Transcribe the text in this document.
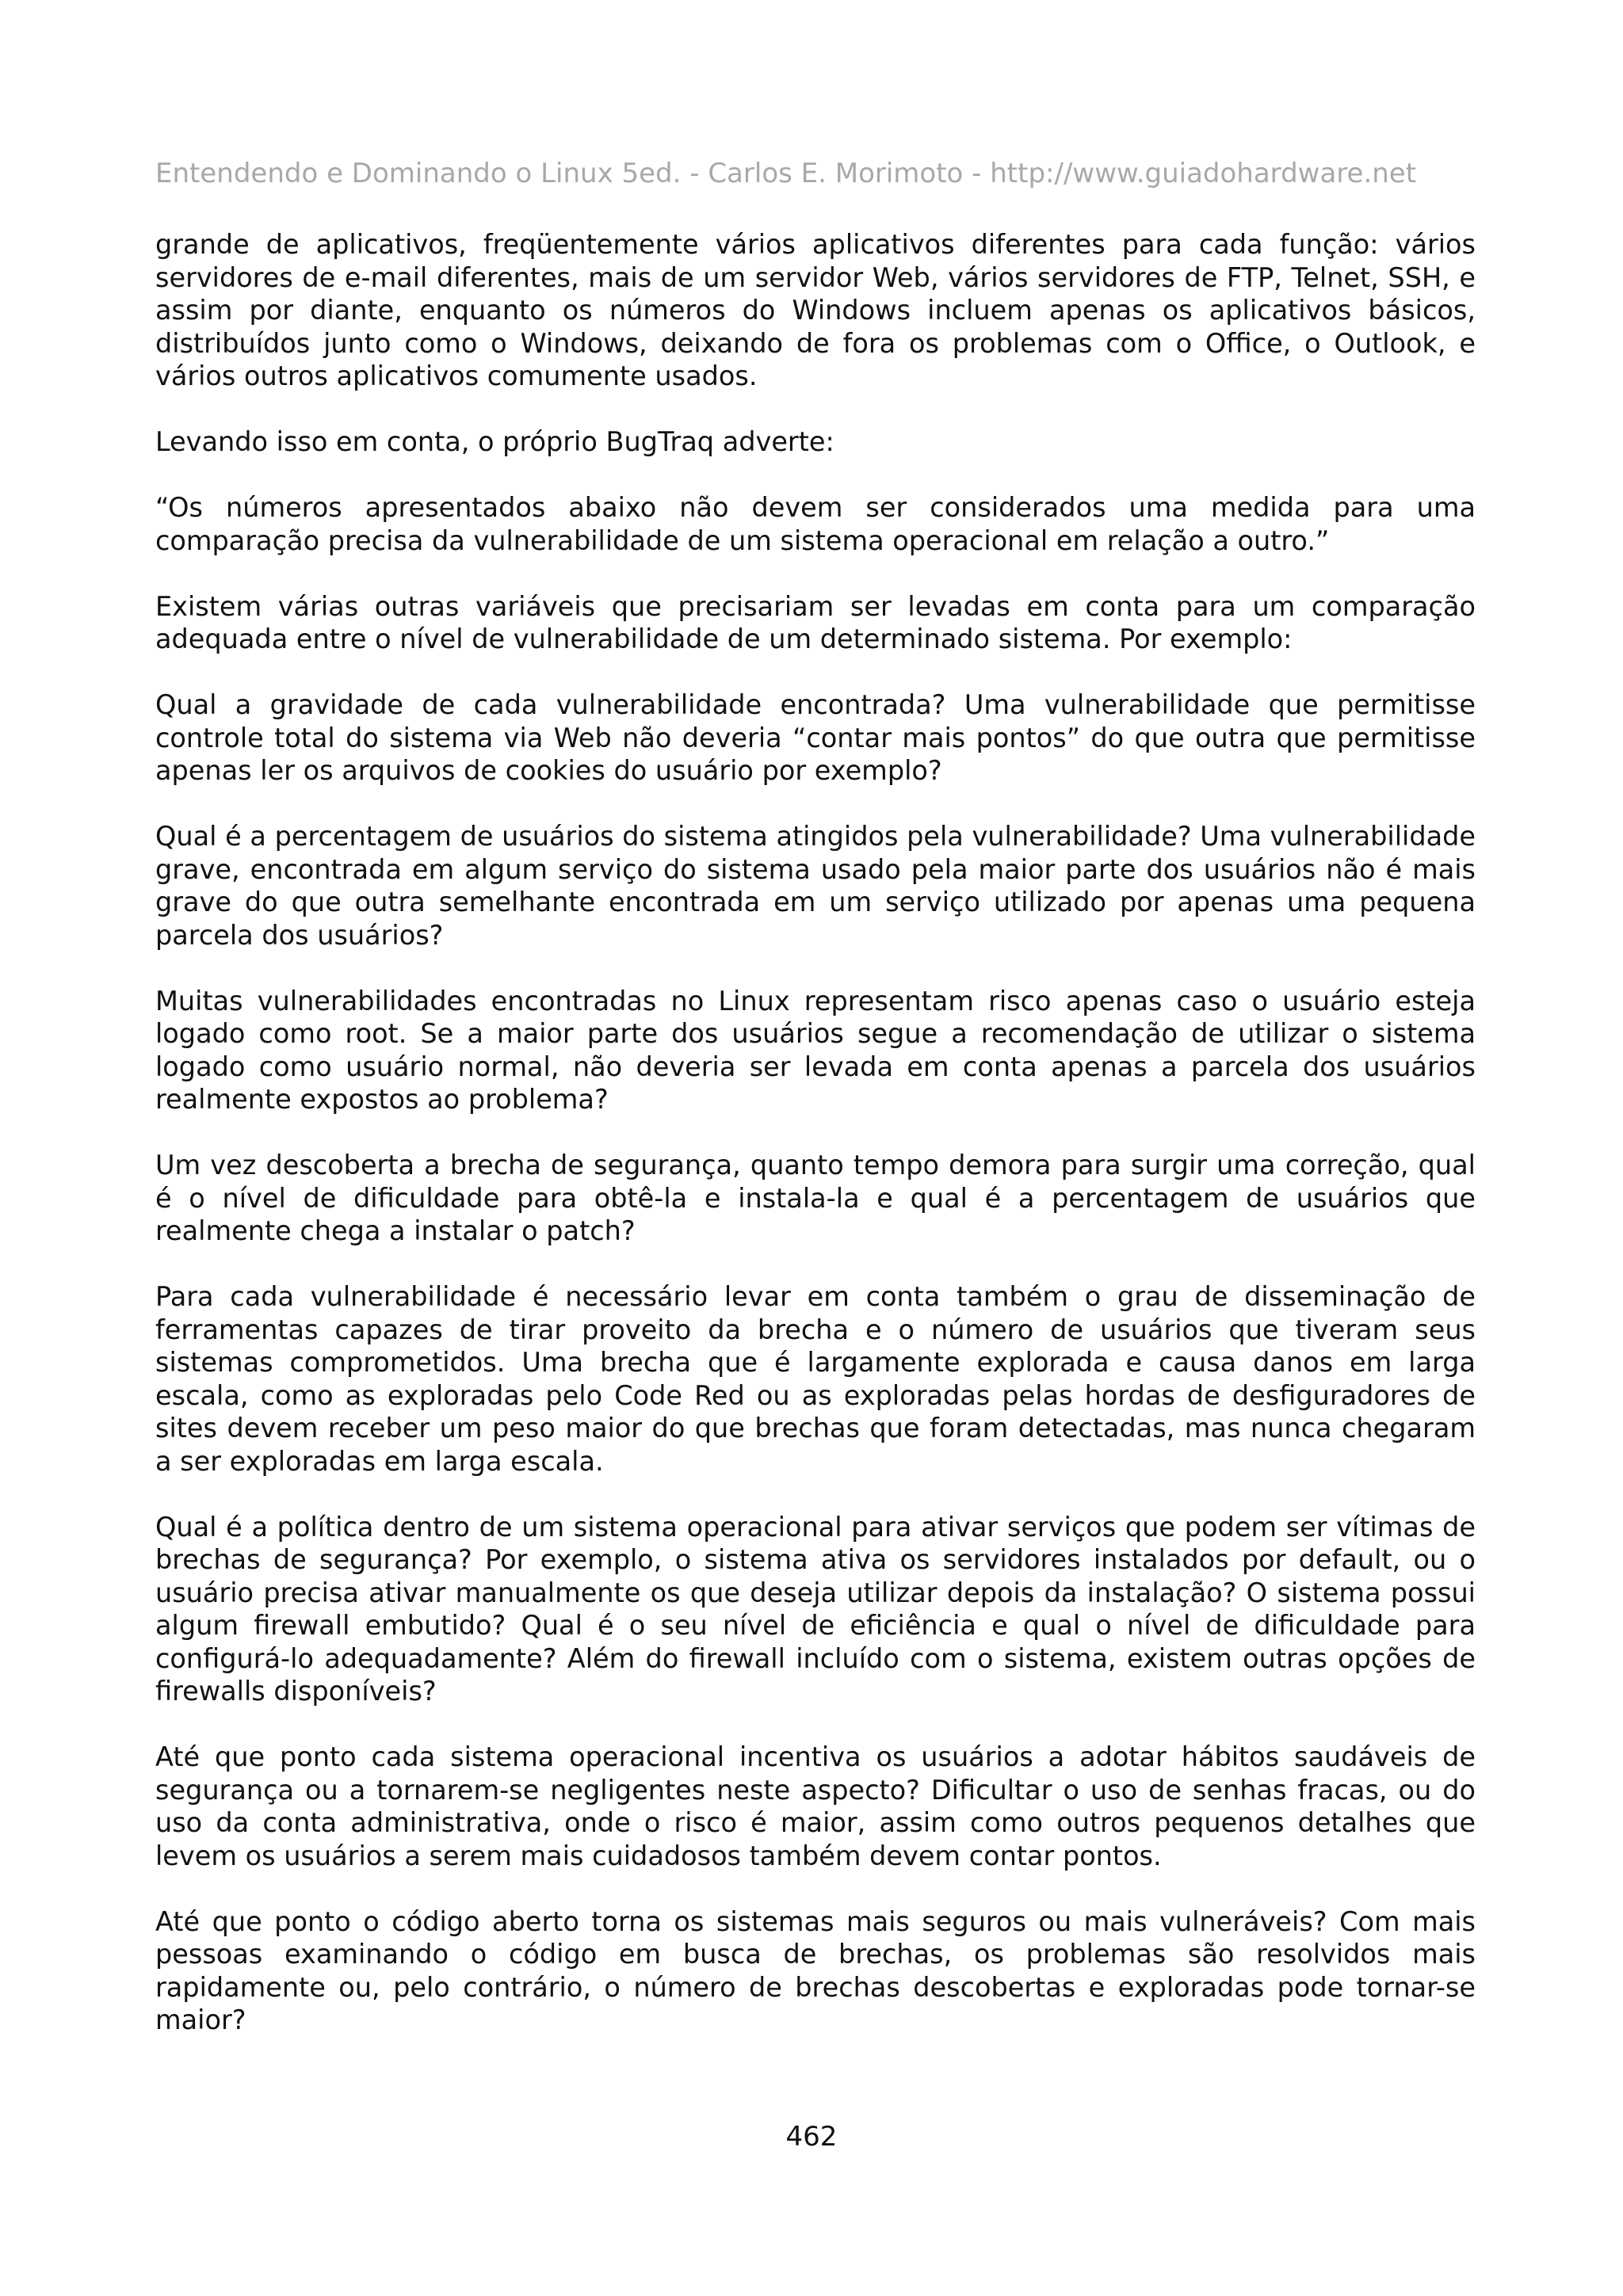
Entendendo e Dominando o Linux 5ed. - Carlos E. Morimoto - http://www.guiadohardware.net

grande de aplicativos, freqüentemente vários aplicativos diferentes para cada função: vários servidores de e-mail diferentes, mais de um servidor Web, vários servidores de FTP, Telnet, SSH, e assim por diante, enquanto os números do Windows incluem apenas os aplicativos básicos, distribuídos junto como o Windows, deixando de fora os problemas com o Office, o Outlook, e vários outros aplicativos comumente usados.

Levando isso em conta, o próprio BugTraq adverte:

“Os números apresentados abaixo não devem ser considerados uma medida para uma comparação precisa da vulnerabilidade de um sistema operacional em relação a outro.”

Existem várias outras variáveis que precisariam ser levadas em conta para um comparação adequada entre o nível de vulnerabilidade de um determinado sistema. Por exemplo:

Qual a gravidade de cada vulnerabilidade encontrada? Uma vulnerabilidade que permitisse controle total do sistema via Web não deveria “contar mais pontos” do que outra que permitisse apenas ler os arquivos de cookies do usuário por exemplo?

Qual é a percentagem de usuários do sistema atingidos pela vulnerabilidade? Uma vulnerabilidade grave, encontrada em algum serviço do sistema usado pela maior parte dos usuários não é mais grave do que outra semelhante encontrada em um serviço utilizado por apenas uma pequena parcela dos usuários?

Muitas vulnerabilidades encontradas no Linux representam risco apenas caso o usuário esteja logado como root. Se a maior parte dos usuários segue a recomendação de utilizar o sistema logado como usuário normal, não deveria ser levada em conta apenas a parcela dos usuários realmente expostos ao problema?

Um vez descoberta a brecha de segurança, quanto tempo demora para surgir uma correção, qual é o nível de dificuldade para obtê-la e instala-la e qual é a percentagem de usuários que realmente chega a instalar o patch?

Para cada vulnerabilidade é necessário levar em conta também o grau de disseminação de ferramentas capazes de tirar proveito da brecha e o número de usuários que tiveram seus sistemas comprometidos. Uma brecha que é largamente explorada e causa danos em larga escala, como as exploradas pelo Code Red ou as exploradas pelas hordas de desfiguradores de sites devem receber um peso maior do que brechas que foram detectadas, mas nunca chegaram a ser exploradas em larga escala.

Qual é a política dentro de um sistema operacional para ativar serviços que podem ser vítimas de brechas de segurança? Por exemplo, o sistema ativa os servidores instalados por default, ou o usuário precisa ativar manualmente os que deseja utilizar depois da instalação? O sistema possui algum firewall embutido? Qual é o seu nível de eficiência e qual o nível de dificuldade para configurá-lo adequadamente? Além do firewall incluído com o sistema, existem outras opções de firewalls disponíveis?

Até que ponto cada sistema operacional incentiva os usuários a adotar hábitos saudáveis de segurança ou a tornarem-se negligentes neste aspecto? Dificultar o uso de senhas fracas, ou do uso da conta administrativa, onde o risco é maior, assim como outros pequenos detalhes que levem os usuários a serem mais cuidadosos também devem contar pontos.

Até que ponto o código aberto torna os sistemas mais seguros ou mais vulneráveis? Com mais pessoas examinando o código em busca de brechas, os problemas são resolvidos mais rapidamente ou, pelo contrário, o número de brechas descobertas e exploradas pode tornar-se maior?

462
